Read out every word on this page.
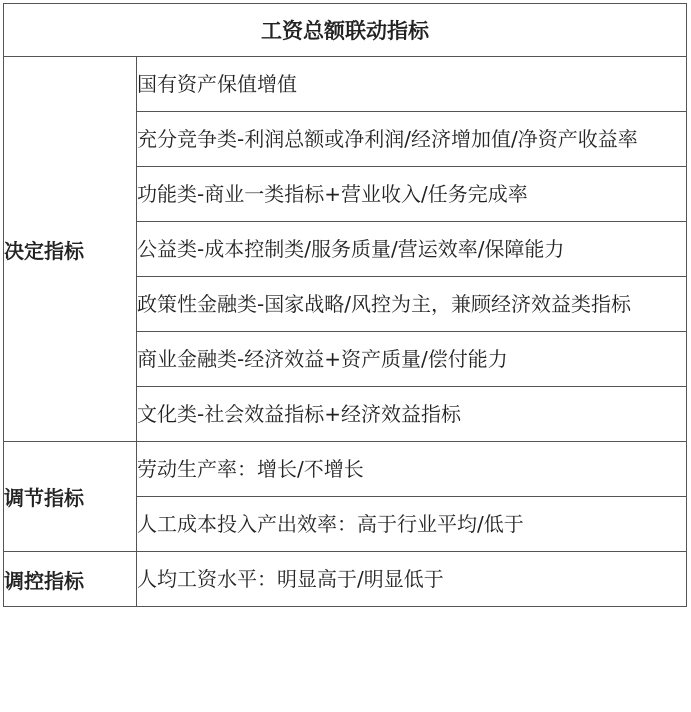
工资总额联动指标	
决定指标	国有资产保值增值
	充分竞争类-利润总额或净利润/经济增加值/净资产收益率
	功能类-商业一类指标+营业收入/任务完成率
	公益类-成本控制类/服务质量/营运效率/保障能力
	政策性金融类-国家战略/风控为主，兼顾经济效益类指标
	商业金融类-经济效益+资产质量/偿付能力
	文化类-社会效益指标+经济效益指标
调节指标	劳动生产率：增长/不增长
	人工成本投入产出效率：高于行业平均/低于
调控指标	人均工资水平：明显高于/明显低于
